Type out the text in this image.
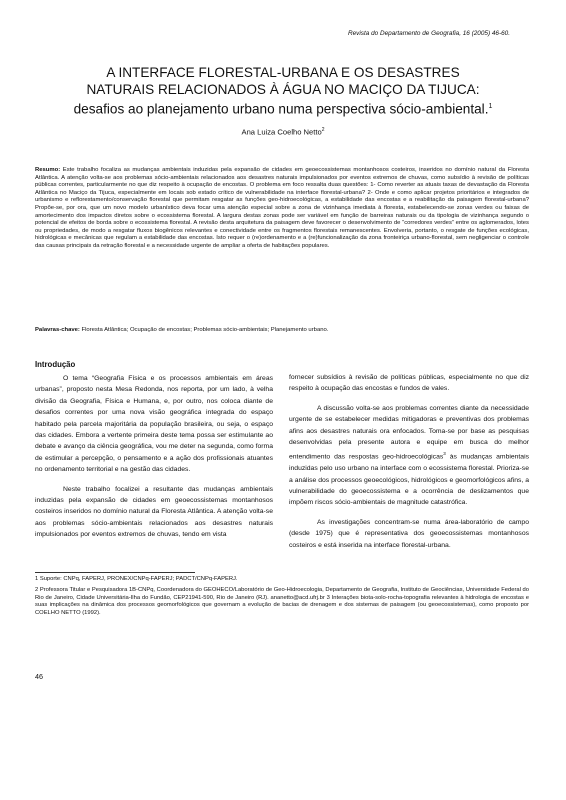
Revista do Departamento de Geografia, 16 (2005) 46-60.
A INTERFACE FLORESTAL-URBANA E OS DESASTRES
NATURAIS RELACIONADOS À ÁGUA NO MACIÇO DA TIJUCA:
desafios ao planejamento urbano numa perspectiva sócio-ambiental.$^1$
Ana Luiza Coelho Netto$^2$
Resumo: Este trabalho focaliza as mudanças ambientais induzidas pela expansão de cidades em geoecossistemas montanhosos costeiros, inseridos no domínio natural da Floresta Atlântica. A atenção volta-se aos problemas sócio-ambientais relacionados aos desastres naturais impulsionados por eventos extremos de chuvas, como subsídio à revisão de políticas públicas correntes, particularmente no que diz respeito à ocupação de encostas. O problema em foco ressalta duas questões: 1- Como reverter as atuais taxas de devastação da Floresta Atlântica no Maciço da Tijuca, especialmente em locais sob estado crítico de vulnerabilidade na interface florestal-urbana? 2- Onde e como aplicar projetos prioritários e integrados de urbanismo e reflorestamento/conservação florestal que permitam resgatar as funções geo-hidroecológicas, a estabilidade das encostas e a reabilitação da paisagem florestal-urbana? Propõe-se, por ora, que um novo modelo urbanístico deva focar uma atenção especial sobre a zona de vizinhança imediata à floresta, estabelecendo-se zonas verdes ou faixas de amortecimento dos impactos diretos sobre o ecossistema florestal. A largura destas zonas pode ser variável em função de barreiras naturais ou da tipologia de vizinhança segundo o potencial de efeitos de borda sobre o ecossistema florestal. A revisão desta arquitetura da paisagem deve favorecer o desenvolvimento de “corredores verdes” entre os aglomerados, lotes ou propriedades, de modo a resgatar fluxos biogênicos relevantes e conectividade entre os fragmentos florestais remanescentes. Envolveria, portanto, o resgate de funções ecológicas, hidrológicas e mecânicas que regulam a estabilidade das encostas. Isto requer o (re)ordenamento e a (re)funcionalização da zona fronteiriça urbano-florestal, sem negligenciar o controle das causas principais da retração florestal e a necessidade urgente de ampliar a oferta de habitações populares.
Palavras-chave: Floresta Atlântica; Ocupação de encostas; Problemas sócio-ambientais; Planejamento urbano.
Introdução

O tema “Geografia Física e os processos ambientais em áreas urbanas”, proposto nesta Mesa Redonda, nos reporta, por um lado, à velha divisão da Geografia, Física e Humana, e, por outro, nos coloca diante de desafios correntes por uma nova visão geográfica integrada do espaço habitado pela parcela majoritária da população brasileira, ou seja, o espaço das cidades. Embora a vertente primeira deste tema possa ser estimulante ao debate e avanço da ciência geográfica, vou me deter na segunda, como forma de estimular a percepção, o pensamento e a ação dos profissionais atuantes no ordenamento territorial e na gestão das cidades.

Neste trabalho focalizei a resultante das mudanças ambientais induzidas pela expansão de cidades em geoecossistemas montanhosos costeiros inseridos no domínio natural da Floresta Atlântica. A atenção volta-se aos problemas sócio-ambientais relacionados aos desastres naturais impulsionados por eventos extremos de chuvas, tendo em vista

fornecer subsídios à revisão de políticas públicas, especialmente no que diz respeito à ocupação das encostas e fundos de vales.

A discussão volta-se aos problemas correntes diante da necessidade urgente de se estabelecer medidas mitigadoras e preventivas dos problemas afins aos desastres naturais ora enfocados. Toma-se por base as pesquisas desenvolvidas pela presente autora e equipe em busca do melhor entendimento das respostas geo-hidroecológicas$^3$ às mudanças ambientais induzidas pelo uso urbano na interface com o ecossistema florestal. Prioriza-se a análise dos processos geoecológicos, hidrológicos e geomorfológicos afins, a vulnerabilidade do geoecossistema e a ocorrência de deslizamentos que impõem riscos sócio-ambientais de magnitude catastrófica.

As investigações concentram-se numa área-laboratório de campo (desde 1975) que é representativa dos geoecossistemas montanhosos costeiros e está inserida na interface florestal-urbana.

1 Suporte: CNPq, FAPERJ, PRONEX/CNPq-FAPERJ; PADCT/CNPq-FAPERJ.
2 Professora Titular e Pesquisadora 1B-CNPq, Coordenadora do GEOHECO/Laboratório de Geo-Hidroecologia, Departamento de Geografia, Instituto de Geociências, Universidade Federal do Rio de Janeiro, Cidade Universitária-Ilha do Fundão, CEP21941-590, Rio de Janeiro (RJ). ananetto@acd.ufrj.br 3 Interações biota-solo-rocha-topografia relevantes à hidrologia de encostas e suas implicações na dinâmica dos processos geomorfológicos que governam a evolução de bacias de drenagem e dos sistemas de paisagem (ou geoecossistemas), como proposto por COELHO NETTO (1992).
46
